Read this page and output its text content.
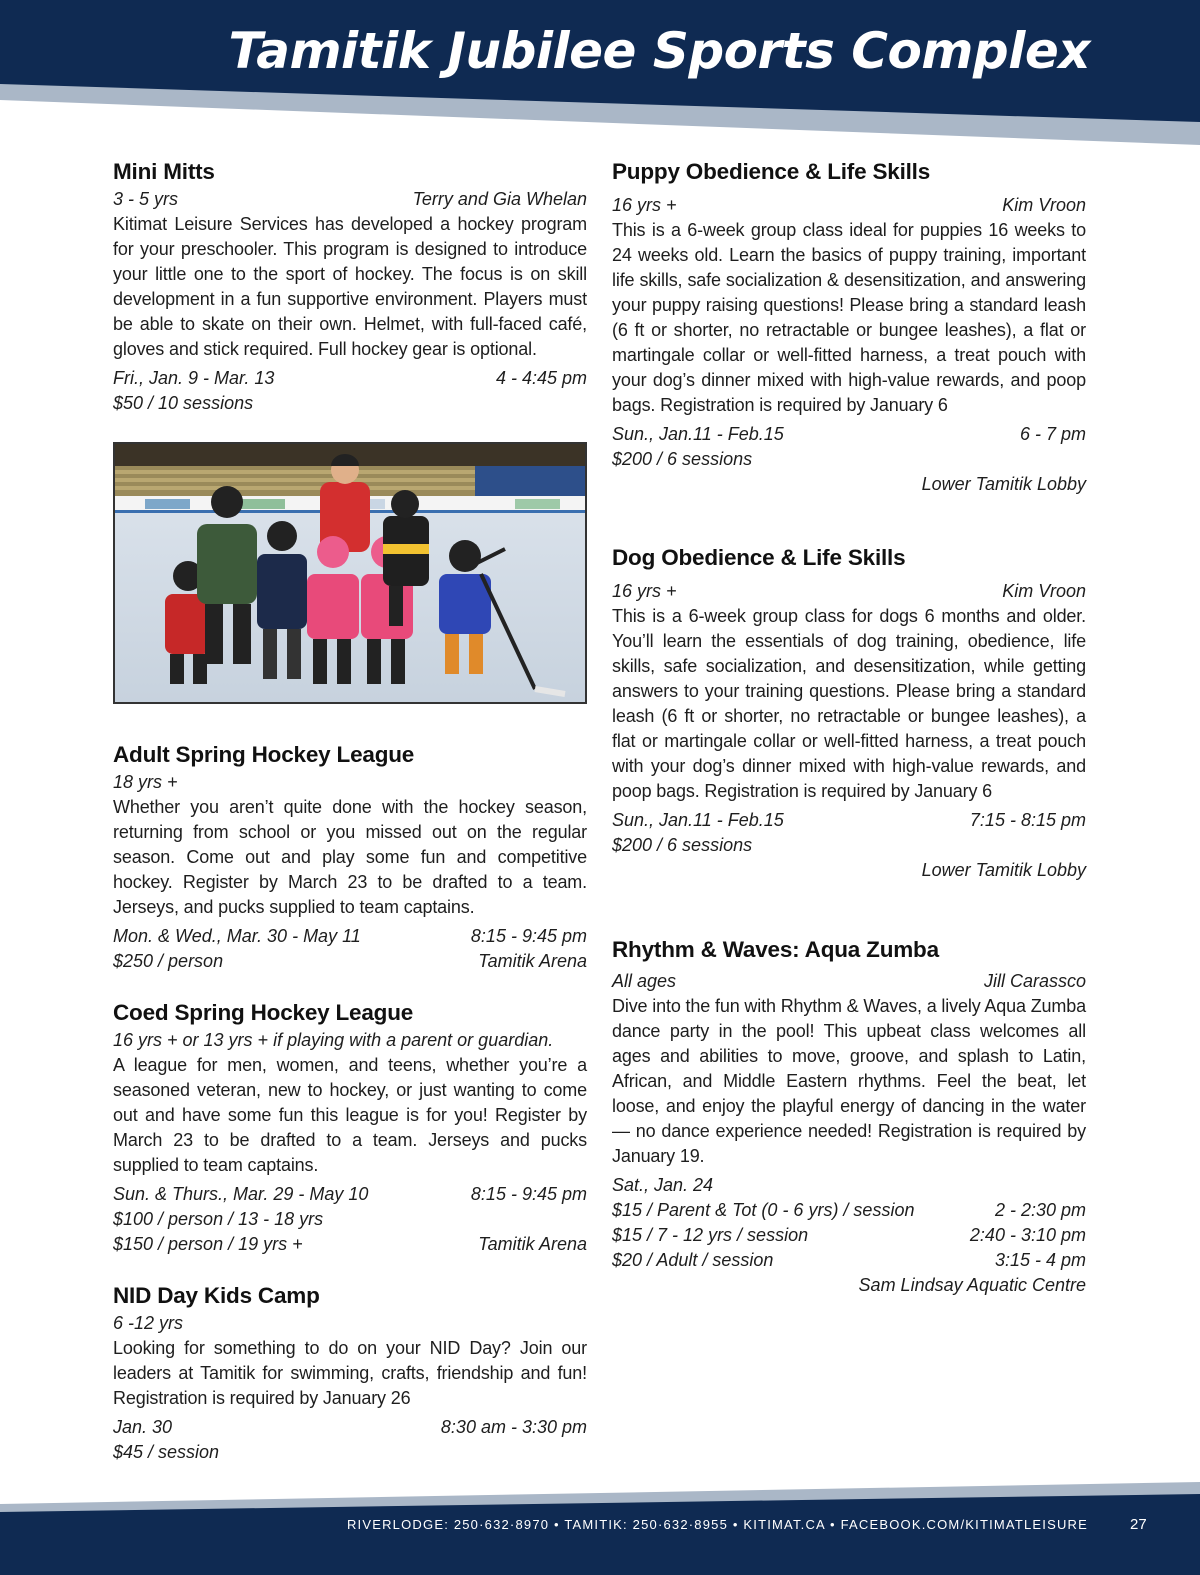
Tamitik Jubilee Sports Complex
Mini Mitts
3 - 5 yrs	Terry and Gia Whelan

Kitimat Leisure Services has developed a hockey program for your preschooler. This program is designed to introduce your little one to the sport of hockey. The focus is on skill development in a fun supportive environment. Players must be able to skate on their own. Helmet, with full-faced café, gloves and stick required. Full hockey gear is optional.

Fri., Jan. 9 - Mar. 13	4 - 4:45 pm
$50 / 10 sessions
Adult Spring Hockey League
18 yrs +

Whether you aren’t quite done with the hockey season, returning from school or you missed out on the regular season. Come out and play some fun and competitive hockey. Register by March 23 to be drafted to a team. Jerseys, and pucks supplied to team captains.

Mon. & Wed., Mar. 30 - May 11	8:15 - 9:45 pm
$250 / person	Tamitik Arena
Coed Spring Hockey League
16 yrs + or 13 yrs + if playing with a parent or guardian.

A league for men, women, and teens, whether you’re a seasoned veteran, new to hockey, or just wanting to come out and have some fun this league is for you! Register by March 23 to be drafted to a team. Jerseys and pucks supplied to team captains.

Sun. & Thurs., Mar. 29 - May 10	8:15 - 9:45 pm
$100 / person / 13 - 18 yrs
$150 / person / 19 yrs +	Tamitik Arena
NID Day Kids Camp
6 -12 yrs

Looking for something to do on your NID Day? Join our leaders at Tamitik for swimming, crafts, friendship and fun! Registration is required by January 26

Jan. 30	8:30 am - 3:30 pm
$45 / session
Puppy Obedience & Life Skills
16 yrs +	Kim Vroon

This is a 6-week group class ideal for puppies 16 weeks to 24 weeks old. Learn the basics of puppy training, important life skills, safe socialization & desensitization, and answering your puppy raising questions! Please bring a standard leash (6 ft or shorter, no retractable or bungee leashes), a flat or martingale collar or well-fitted harness, a treat pouch with your dog’s dinner mixed with high-value rewards, and poop bags. Registration is required by January 6

Sun., Jan.11 - Feb.15	6 - 7 pm
$200 / 6 sessions
Lower Tamitik Lobby
Dog Obedience & Life Skills
16 yrs +	Kim Vroon

This is a 6-week group class for dogs 6 months and older. You’ll learn the essentials of dog training, obedience, life skills, safe socialization, and desensitization, while getting answers to your training questions. Please bring a standard leash (6 ft or shorter, no retractable or bungee leashes), a flat or martingale collar or well-fitted harness, a treat pouch with your dog’s dinner mixed with high-value rewards, and poop bags. Registration is required by January 6

Sun., Jan.11 - Feb.15	7:15 - 8:15 pm
$200 / 6 sessions
Lower Tamitik Lobby
Rhythm & Waves: Aqua Zumba
All ages	Jill Carassco

Dive into the fun with Rhythm & Waves, a lively Aqua Zumba dance party in the pool! This upbeat class welcomes all ages and abilities to move, groove, and splash to Latin, African, and Middle Eastern rhythms. Feel the beat, let loose, and enjoy the playful energy of dancing in the water — no dance experience needed! Registration is required by January 19.

Sat., Jan. 24
$15 / Parent & Tot (0 - 6 yrs) / session	2 - 2:30 pm
$15 / 7 - 12 yrs / session	2:40 - 3:10 pm
$20 / Adult / session	3:15 - 4 pm
Sam Lindsay Aquatic Centre
RIVERLODGE: 250·632·8970 • TAMITIK: 250·632·8955 • KITIMAT.CA • FACEBOOK.COM/KITIMATLEISURE	27
